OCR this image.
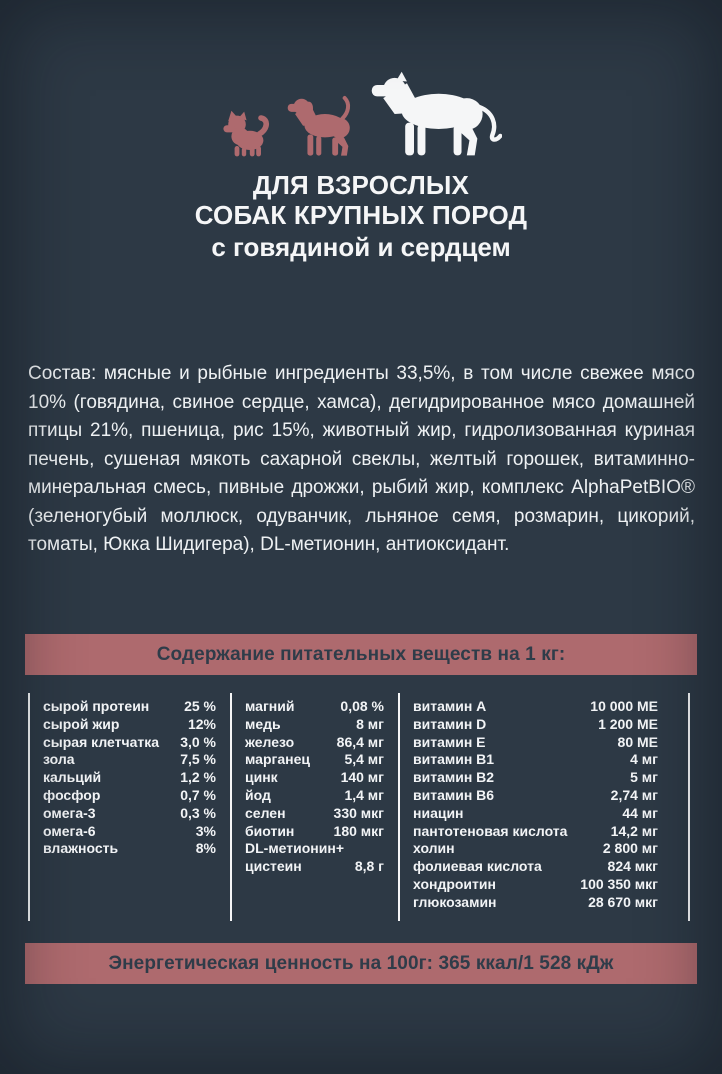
ДЛЯ ВЗРОСЛЫХ
СОБАК КРУПНЫХ ПОРОД
с говядиной и сердцем

Состав: мясные и рыбные ингредиенты 33,5%, в том числе свежее мясо 10% (говядина, свиное сердце, хамса), дегидрированное мясо домашней птицы 21%, пшеница, рис 15%, животный жир, гидролизованная куриная печень, сушеная мякоть сахарной свеклы, желтый горошек, витаминно-минеральная смесь, пивные дрожжи, рыбий жир, комплекс AlphaPetBIO® (зеленогубый моллюск, одуванчик, льняное семя, розмарин, цикорий, томаты, Юкка Шидигера), DL-метионин, антиоксидант.

Содержание питательных веществ на 1 кг:
сырой протеин 25 %
сырой жир	12%
сырая клетчатка 3,0 %
зола	7,5 %
кальций	1,2 %
фосфор	0,7 %
омега-3	0,3 %
омега-6	3%
влажность	8%
магний	0,08 %
медь	8 мг
железо	86,4 мг
марганец 5,4 мг
цинк	140 мг
йод	1,4 мг
селен	330 мкг
биотин	180 мкг
DL-метионин+
цистеин	8,8 г
витамин A	10 000 МЕ
витамин D	1 200 МЕ
витамин E	80 МЕ
витамин B1	4 мг
витамин B2	5 мг
витамин B6	2,74 мг
ниацин	44 мг
пантотеновая кислота	14,2 мг
холин	2 800 мг
фолиевая кислота	824 мкг
хондроитин	100 350 мкг
глюкозамин	28 670 мкг
Энергетическая ценность на 100г: 365 ккал/1 528 кДж
